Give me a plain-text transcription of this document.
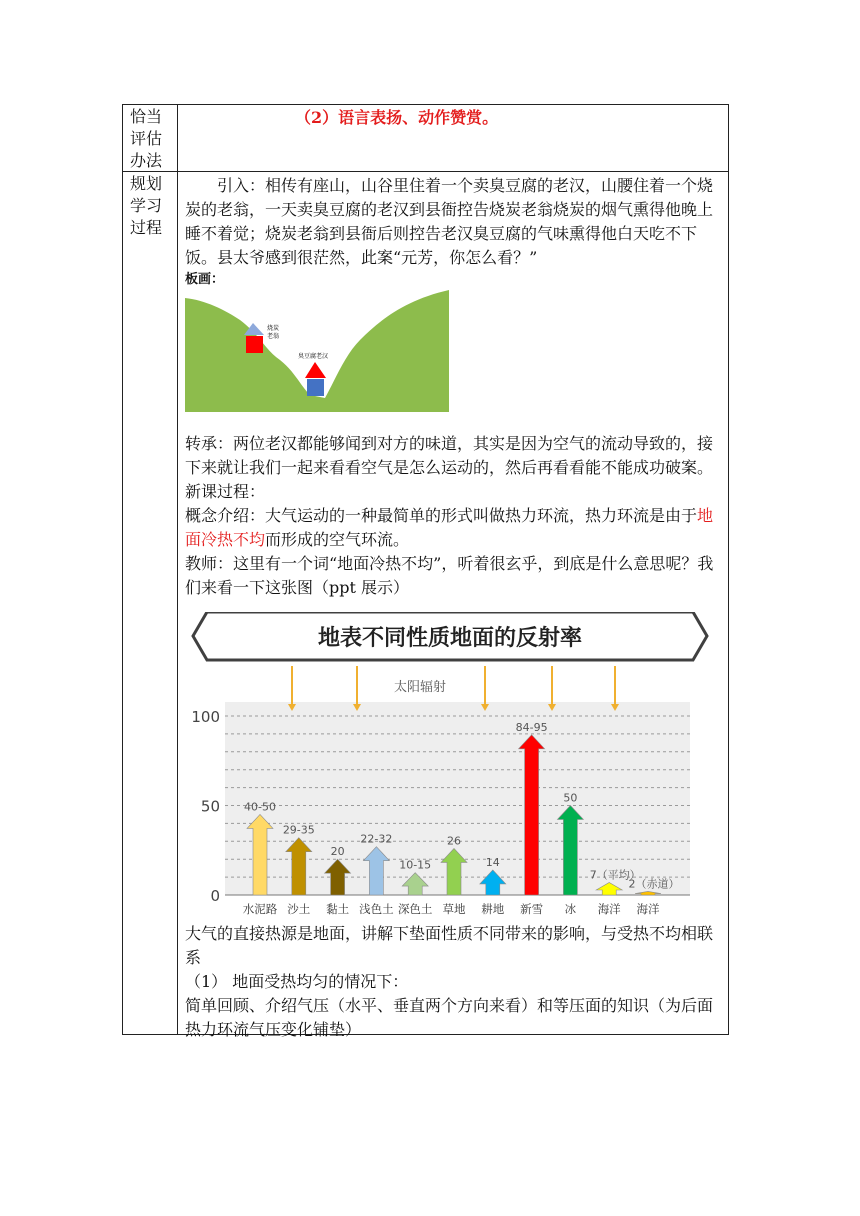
恰当评估办法
（2）语言表扬、动作赞赏。
规划学习过程

引入：相传有座山，山谷里住着一个卖臭豆腐的老汉，山腰住着一个烧炭的老翁，一天卖臭豆腐的老汉到县衙控告烧炭老翁烧炭的烟气熏得他晚上睡不着觉；烧炭老翁到县衙后则控告老汉臭豆腐的气味熏得他白天吃不下饭。县太爷感到很茫然，此案“元芳，你怎么看？”

板画：

烧炭
老翁
臭豆腐老汉

转承：两位老汉都能够闻到对方的味道，其实是因为空气的流动导致的，接下来就让我们一起来看看空气是怎么运动的，然后再看看能不能成功破案。

新课过程：

概念介绍：大气运动的一种最简单的形式叫做热力环流，热力环流是由于地面冷热不均而形成的空气环流。

教师：这里有一个词“地面冷热不均”，听着很玄乎，到底是什么意思呢？我们来看一下这张图（ppt 展示）

地表不同性质地面的反射率
太阳辐射
0
50
100
40-50
29-35
20
22-32
10-15
26
14
84-95
50
7（平均）
2（赤道）
水泥路 沙土 黏土 浅色土 深色土 草地 耕地 新雪 冰 海洋 海洋

大气的直接热源是地面，讲解下垫面性质不同带来的影响，与受热不均相联系

（1） 地面受热均匀的情况下：

简单回顾、介绍气压（水平、垂直两个方向来看）和等压面的知识（为后面热力环流气压变化铺垫）
